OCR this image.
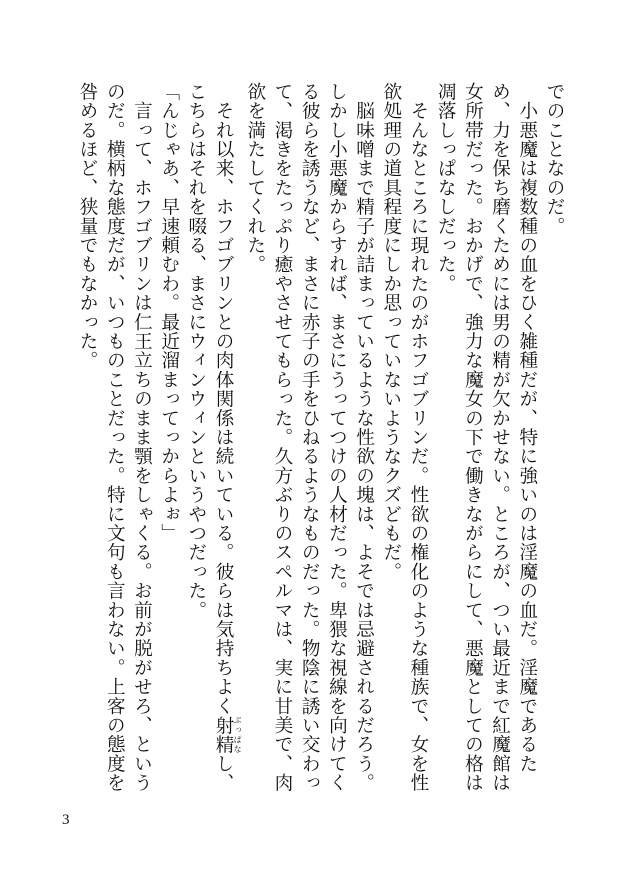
でのことなのだ。

　小悪魔は複数種の血をひく雑種だが、特に強いのは淫魔の血だ。淫魔であるため、力を保ち磨くためには男の精が欠かせない。ところが、つい最近まで紅魔館は女所帯だった。おかげで、強力な魔女の下で働きながらにして、悪魔としての格は凋落しっぱなしだった。

　そんなところに現れたのがホフゴブリンだ。性欲の権化のような種族で、女を性欲処理の道具程度にしか思っていないようなクズどもだ。

　脳味噌まで精子が詰まっているような性欲の塊は、よそでは忌避されるだろう。しかし小悪魔からすれば、まさにうってつけの人材だった。卑猥な視線を向けてくる彼らを誘うなど、まさに赤子の手をひねるようなものだった。物陰に誘い交わって、渇きをたっぷり癒やさせてもらった。久方ぶりのスペルマは、実に甘美で、肉欲を満たしてくれた。

　それ以来、ホフゴブリンとの肉体関係は続いている。彼らは気持ちよく射精 ぶっぱなし、こちらはそれを啜る、まさにウィンウィンというやつだった。

「んじゃあ、早速頼むわ。最近溜まってっからよぉ」

　言って、ホフゴブリンは仁王立ちのまま顎をしゃくる。お前が脱がせろ、というのだ。横柄な態度だが、いつものことだった。特に文句も言わない。上客の態度を咎めるほど、狭量でもなかった。

3
